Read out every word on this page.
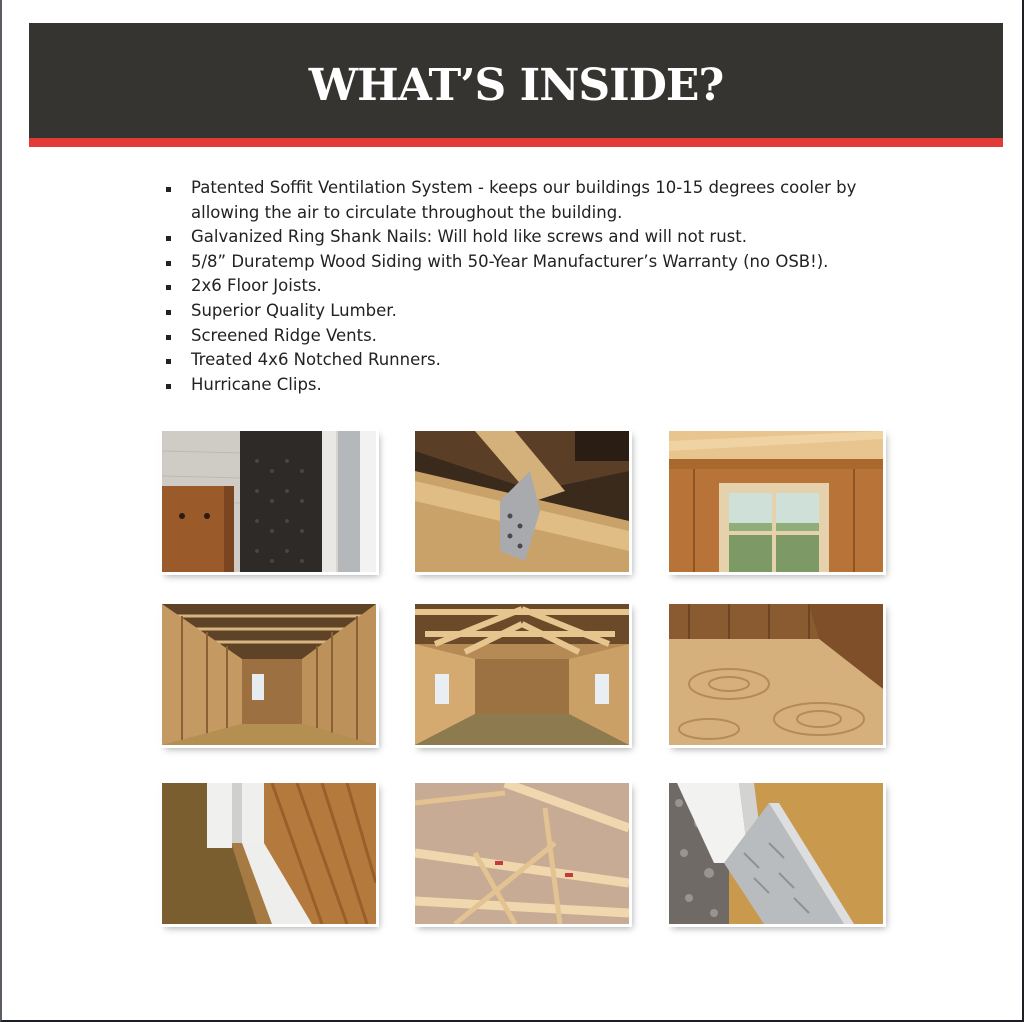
WHAT’S INSIDE?
Patented Soffit Ventilation System - keeps our buildings 10-15 degrees cooler by allowing the air to circulate throughout the building.
Galvanized Ring Shank Nails: Will hold like screws and will not rust.
5/8” Duratemp Wood Siding with 50-Year Manufacturer’s Warranty (no OSB!).
2x6 Floor Joists.
Superior Quality Lumber.
Screened Ridge Vents.
Treated 4x6 Notched Runners.
Hurricane Clips.
